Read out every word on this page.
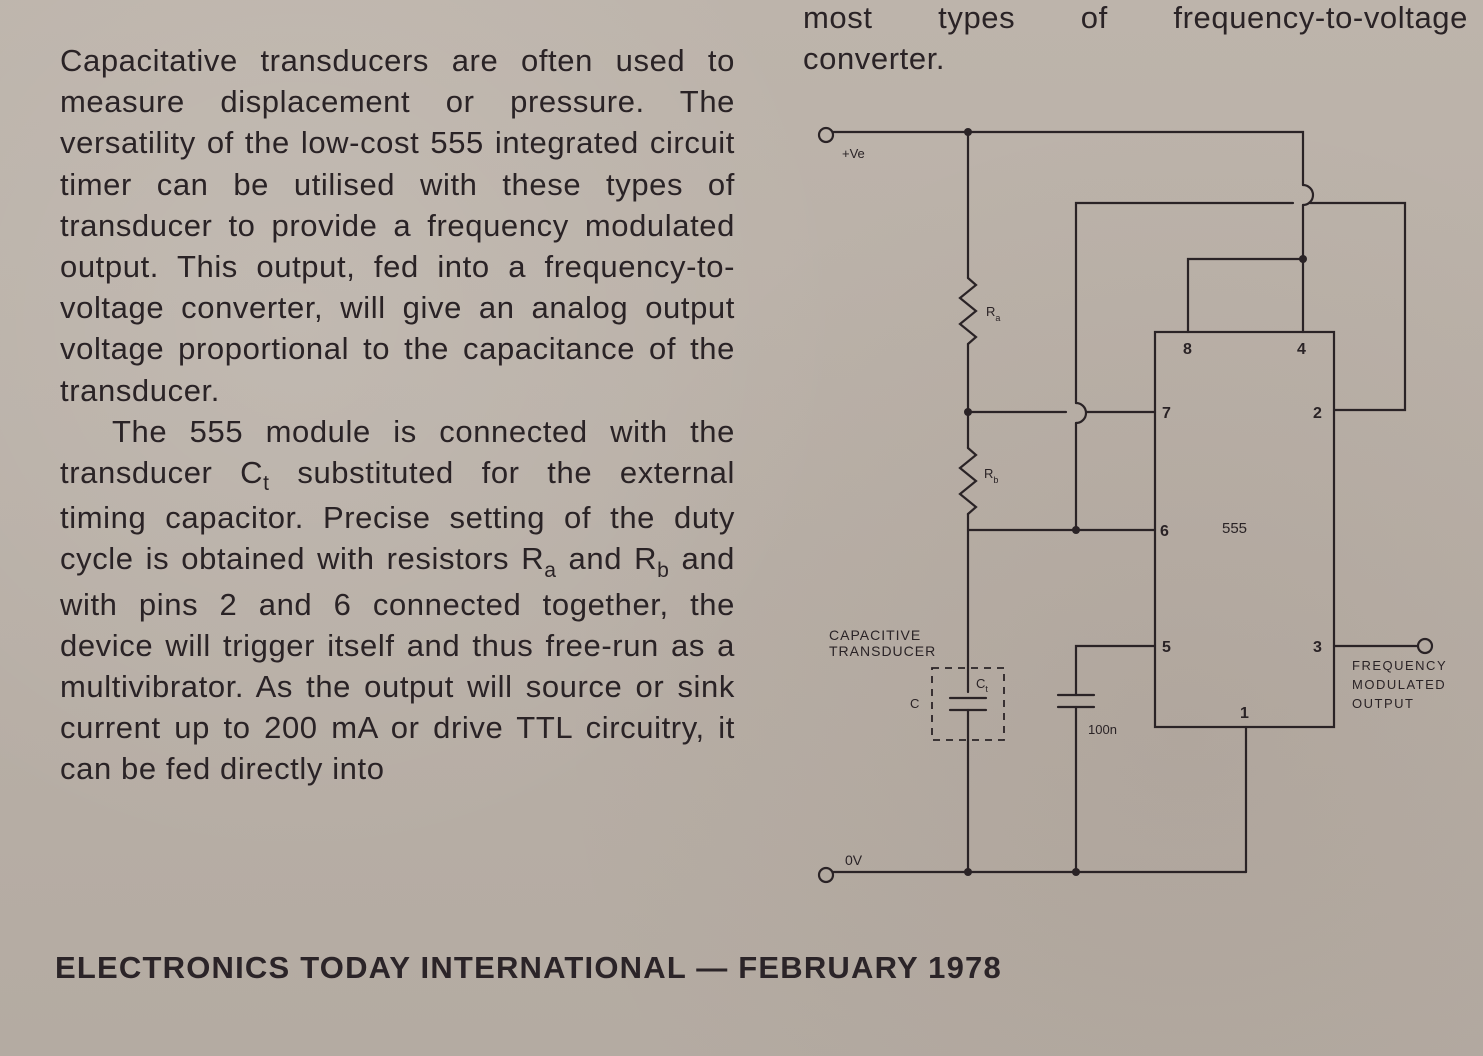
Capacitative transducers are often used to measure displacement or pressure. The versatility of the low-cost 555 integrated circuit timer can be utilised with these types of transducer to provide a frequency modulated output. This output, fed into a frequency-to-voltage converter, will give an analog output voltage proportional to the capacitance of the transducer.

The 555 module is connected with the transducer $C_t$ substituted for the external timing capacitor. Precise setting of the duty cycle is obtained with resistors $R_a$ and $R_b$ and with pins 2 and 6 connected together, the device will trigger itself and thus free-run as a multivibrator. As the output will source or sink current up to 200 mA or drive TTL circuitry, it can be fed directly into

most types of frequency-to-voltage
converter.
+Ve
0V
$R_a$
$R_b$
555
8	4
7	2
6
5	3
1
CAPACITIVE
TRANSDUCER
$C_t$
C
100n
FREQUENCY
MODULATED
OUTPUT
ELECTRONICS TODAY INTERNATIONAL — FEBRUARY 1978
